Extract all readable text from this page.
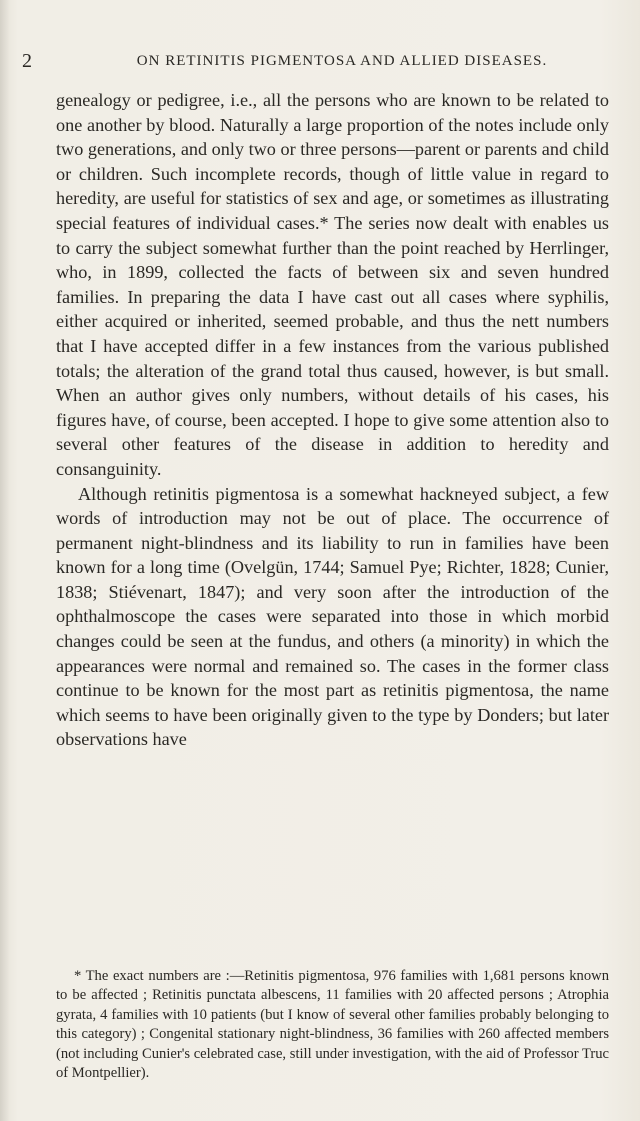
2	ON RETINITIS PIGMENTOSA AND ALLIED DISEASES.

genealogy or pedigree, i.e., all the persons who are known to be related to one another by blood. Naturally a large proportion of the notes include only two generations, and only two or three persons—parent or parents and child or children. Such incomplete records, though of little value in regard to heredity, are useful for statistics of sex and age, or sometimes as illustrating special features of individual cases.* The series now dealt with enables us to carry the subject somewhat further than the point reached by Herrlinger, who, in 1899, collected the facts of between six and seven hundred families. In preparing the data I have cast out all cases where syphilis, either acquired or inherited, seemed probable, and thus the nett numbers that I have accepted differ in a few instances from the various published totals; the alteration of the grand total thus caused, however, is but small. When an author gives only numbers, without details of his cases, his figures have, of course, been accepted. I hope to give some attention also to several other features of the disease in addition to heredity and consanguinity.

Although retinitis pigmentosa is a somewhat hackneyed subject, a few words of introduction may not be out of place. The occurrence of permanent night-blindness and its liability to run in families have been known for a long time (Ovelgün, 1744; Samuel Pye; Richter, 1828; Cunier, 1838; Stiévenart, 1847); and very soon after the introduction of the ophthalmoscope the cases were separated into those in which morbid changes could be seen at the fundus, and others (a minority) in which the appearances were normal and remained so. The cases in the former class continue to be known for the most part as retinitis pigmentosa, the name which seems to have been originally given to the type by Donders; but later observations have

* The exact numbers are :—Retinitis pigmentosa, 976 families with 1,681 persons known to be affected ; Retinitis punctata albescens, 11 families with 20 affected persons ; Atrophia gyrata, 4 families with 10 patients (but I know of several other families probably belonging to this category) ; Congenital stationary night-blindness, 36 families with 260 affected members (not including Cunier's celebrated case, still under investigation, with the aid of Professor Truc of Montpellier).
